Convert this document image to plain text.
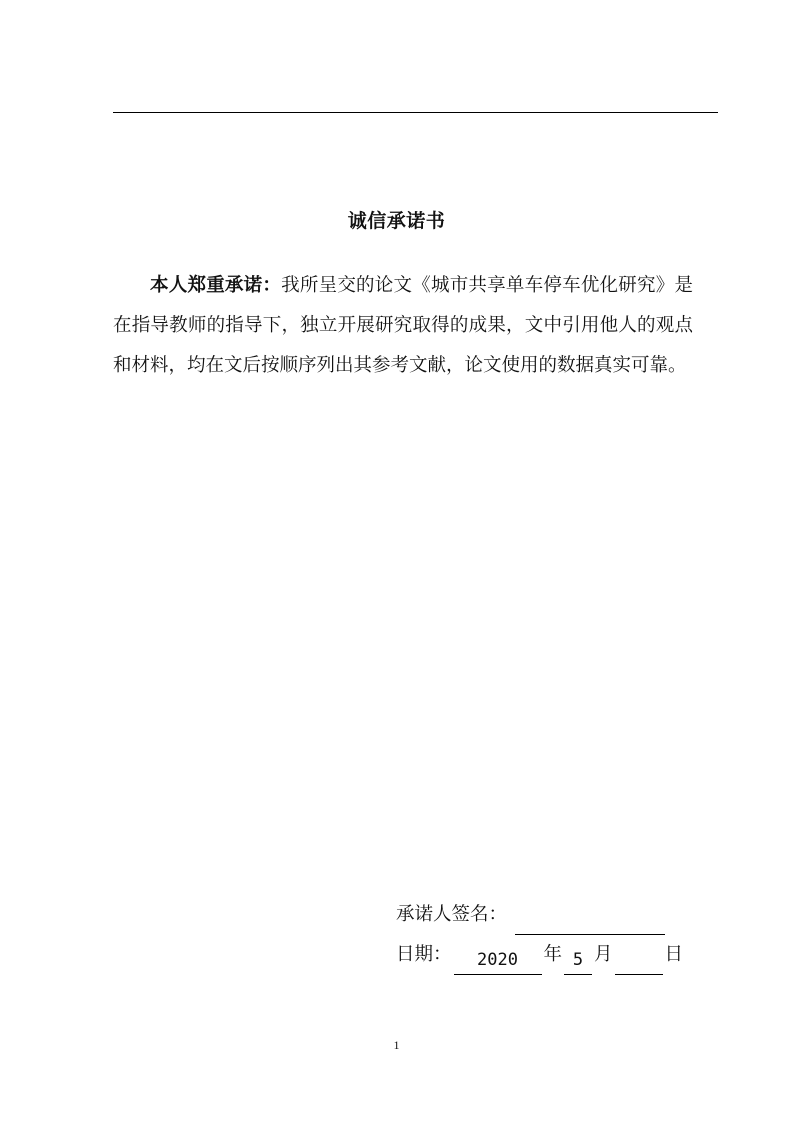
诚信承诺书
本人郑重承诺：我所呈交的论文《城市共享单车停车优化研究》是在指导教师的指导下，独立开展研究取得的成果，文中引用他人的观点和材料，均在文后按顺序列出其参考文献，论文使用的数据真实可靠。
承诺人签名：
日期：	2020	年 5 月	日
1
